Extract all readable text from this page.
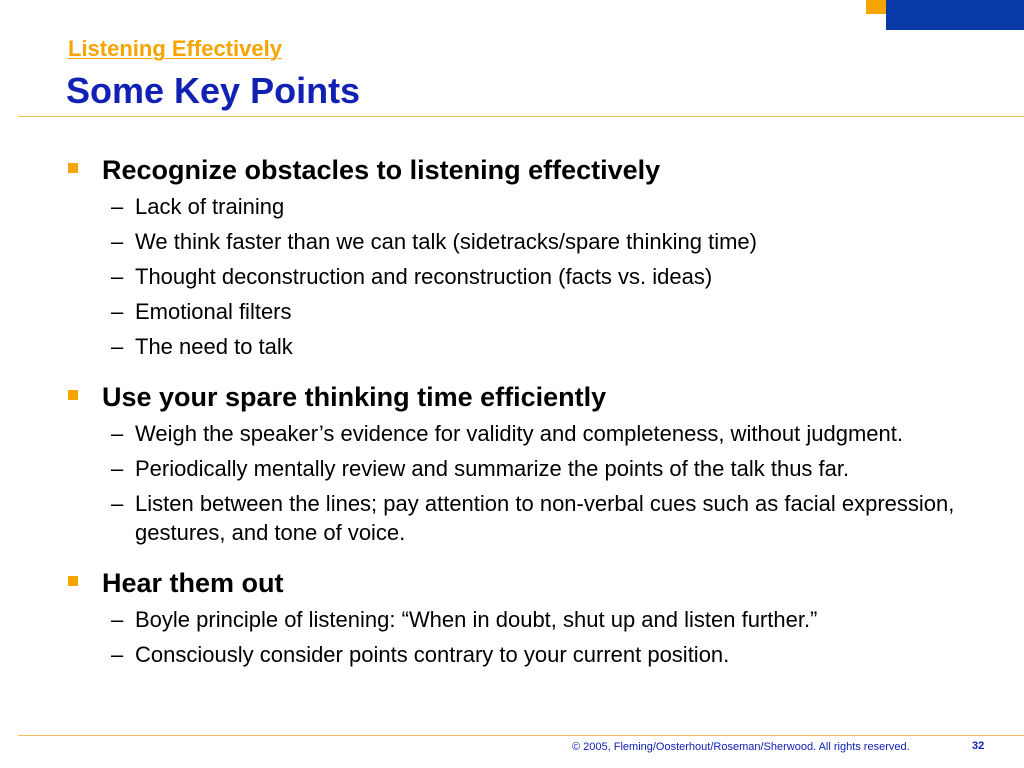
Listening Effectively
Some Key Points
Recognize obstacles to listening effectively
– Lack of training
– We think faster than we can talk (sidetracks/spare thinking time)
– Thought deconstruction and reconstruction (facts vs. ideas)
– Emotional filters
– The need to talk
Use your spare thinking time efficiently
– Weigh the speaker’s evidence for validity and completeness, without judgment.
– Periodically mentally review and summarize the points of the talk thus far.
– Listen between the lines; pay attention to non-verbal cues such as facial expression, gestures, and tone of voice.
Hear them out
– Boyle principle of listening: “When in doubt, shut up and listen further.”
– Consciously consider points contrary to your current position.
© 2005, Fleming/Oosterhout/Roseman/Sherwood. All rights reserved.	32
